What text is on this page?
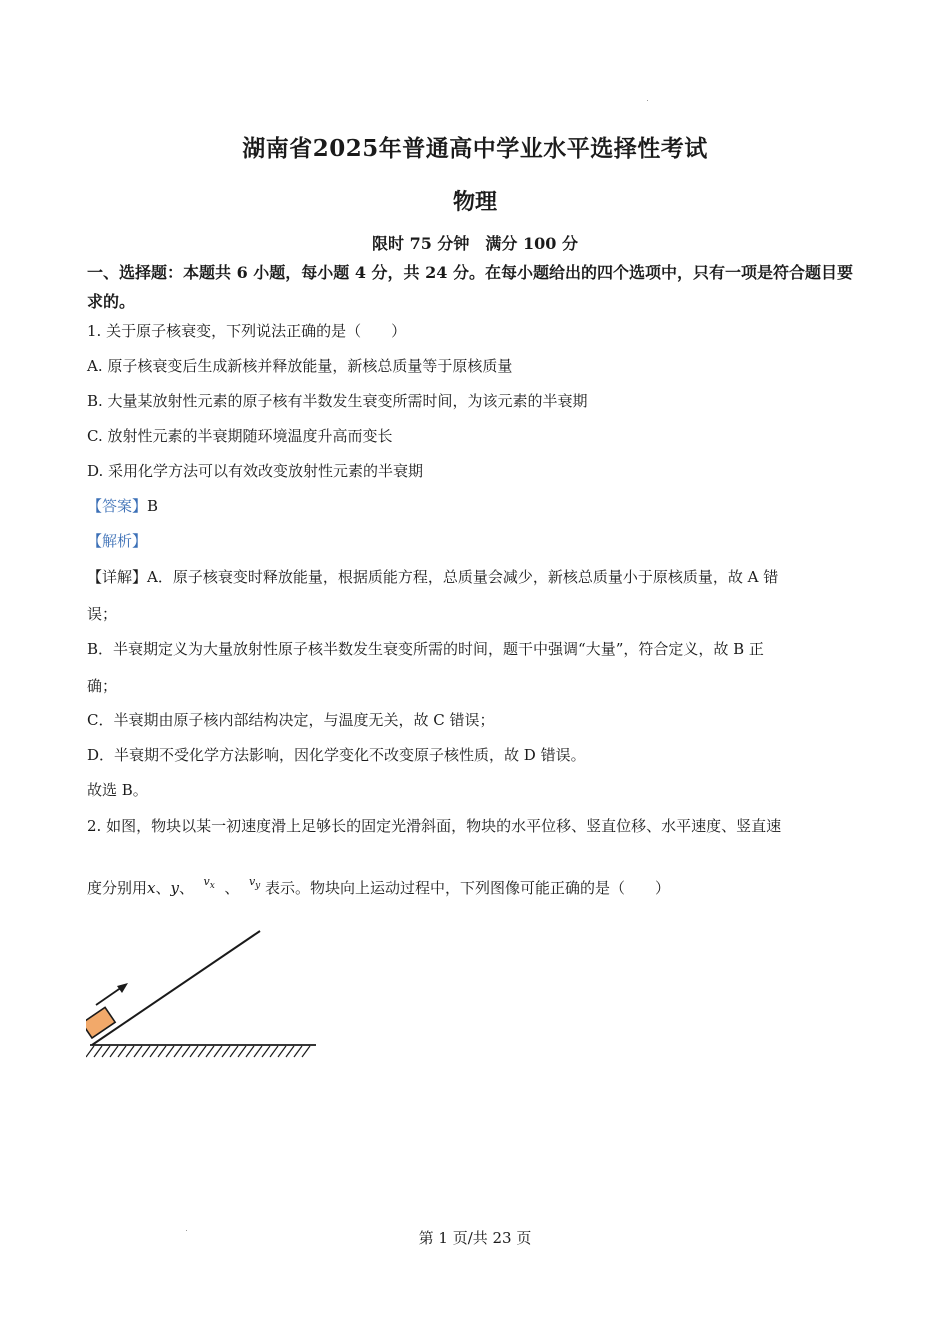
湖南省2025年普通高中学业水平选择性考试
物理
限时 75 分钟　满分 100 分
一、选择题：本题共 6 小题，每小题 4 分，共 24 分。在每小题给出的四个选项中，只有一项是符合题目要求的。
1. 关于原子核衰变，下列说法正确的是（　　）
A. 原子核衰变后生成新核并释放能量，新核总质量等于原核质量
B. 大量某放射性元素的原子核有半数发生衰变所需时间，为该元素的半衰期
C. 放射性元素的半衰期随环境温度升高而变长
D. 采用化学方法可以有效改变放射性元素的半衰期
【答案】B
【解析】
【详解】A．原子核衰变时释放能量，根据质能方程，总质量会减少，新核总质量小于原核质量，故 A 错
误；
B．半衰期定义为大量放射性原子核半数发生衰变所需的时间，题干中强调“大量”，符合定义，故 B 正
确；
C．半衰期由原子核内部结构决定，与温度无关，故 C 错误；
D．半衰期不受化学方法影响，因化学变化不改变原子核性质，故 D 错误。
故选 B。
2. 如图，物块以某一初速度滑上足够长的固定光滑斜面，物块的水平位移、竖直位移、水平速度、竖直速
度分别用x、y、 $^{v_x}$ 、 $^{v_y}$ 表示。物块向上运动过程中，下列图像可能正确的是（　　）
第 1 页/共 23 页
